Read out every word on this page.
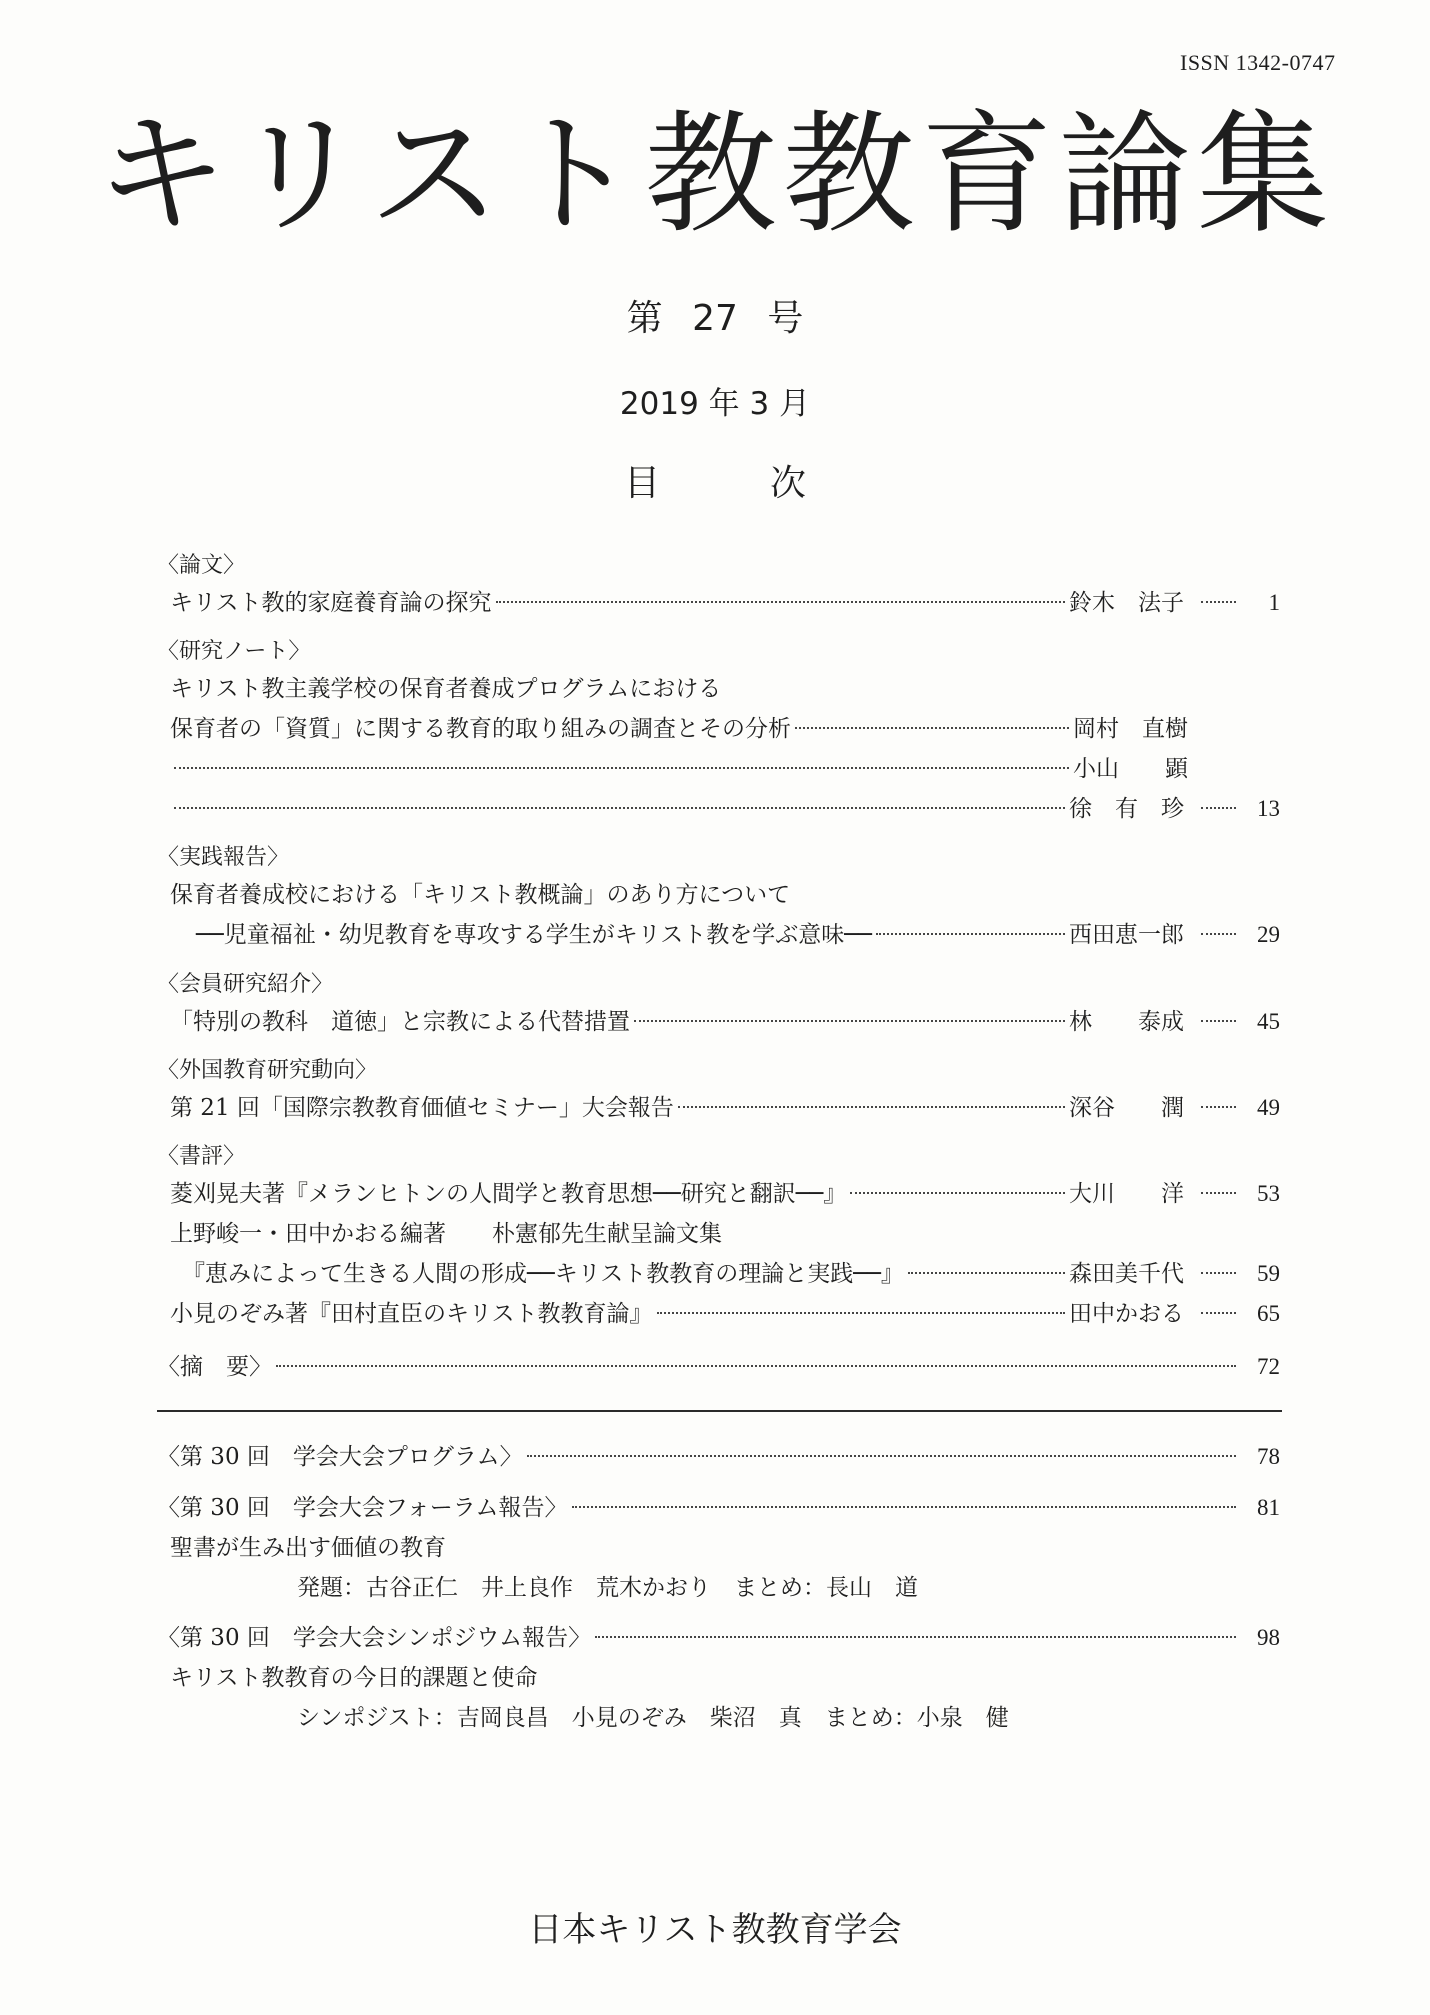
ISSN 1342-0747
キリスト教教育論集
第 27 号
2019 年 3 月
目	次
〈論文〉
キリスト教的家庭養育論の探究	鈴木　法子	1
〈研究ノート〉
キリスト教主義学校の保育者養成プログラムにおける
保育者の「資質」に関する教育的取り組みの調査とその分析	岡村　直樹
小山　　顕
徐　有　珍	13
〈実践報告〉
保育者養成校における「キリスト教概論」のあり方について
──児童福祉・幼児教育を専攻する学生がキリスト教を学ぶ意味──	西田恵一郎	29
〈会員研究紹介〉
「特別の教科　道徳」と宗教による代替措置	林　　泰成	45
〈外国教育研究動向〉
第 21 回「国際宗教教育価値セミナー」大会報告	深谷　　潤	49
〈書評〉
菱刈晃夫著『メランヒトンの人間学と教育思想──研究と翻訳──』	大川　　洋	53
上野峻一・田中かおる編著　　朴憲郁先生献呈論文集
『恵みによって生きる人間の形成──キリスト教教育の理論と実践──』	森田美千代	59
小見のぞみ著『田村直臣のキリスト教教育論』	田中かおる	65
〈摘　要〉	72
〈第 30 回　学会大会プログラム〉	78
〈第 30 回　学会大会フォーラム報告〉	81
聖書が生み出す価値の教育
発題：古谷正仁　井上良作　荒木かおり　まとめ：長山　道
〈第 30 回　学会大会シンポジウム報告〉	98
キリスト教教育の今日的課題と使命
シンポジスト：吉岡良昌　小見のぞみ　柴沼　真　まとめ：小泉　健
日本キリスト教教育学会
